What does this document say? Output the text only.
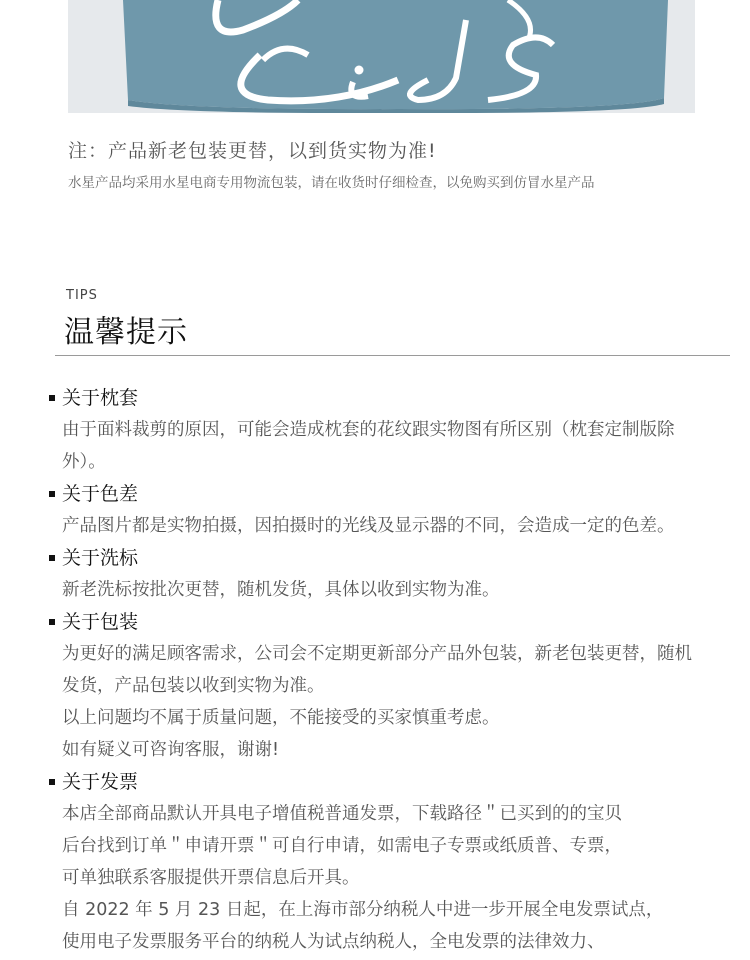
注：产品新老包装更替，以到货实物为准!
水星产品均采用水星电商专用物流包装，请在收货时仔细检查，以免购买到仿冒水星产品
TIPS
温馨提示
关于枕套
由于面料裁剪的原因，可能会造成枕套的花纹跟实物图有所区别（枕套定制版除
外）。
关于色差
产品图片都是实物拍摄，因拍摄时的光线及显示器的不同，会造成一定的色差。
关于洗标
新老洗标按批次更替，随机发货，具体以收到实物为准。
关于包装
为更好的满足顾客需求，公司会不定期更新部分产品外包装，新老包装更替，随机
发货，产品包装以收到实物为准。
以上问题均不属于质量问题，不能接受的买家慎重考虑。
如有疑义可咨询客服，谢谢!
关于发票
本店全部商品默认开具电子增值税普通发票，下载路径＂已买到的的宝贝
后台找到订单＂申请开票＂可自行申请，如需电子专票或纸质普、专票，
可单独联系客服提供开票信息后开具。
自 2022 年 5 月 23 日起，在上海市部分纳税人中进一步开展全电发票试点，
使用电子发票服务平台的纳税人为试点纳税人，全电发票的法律效力、
